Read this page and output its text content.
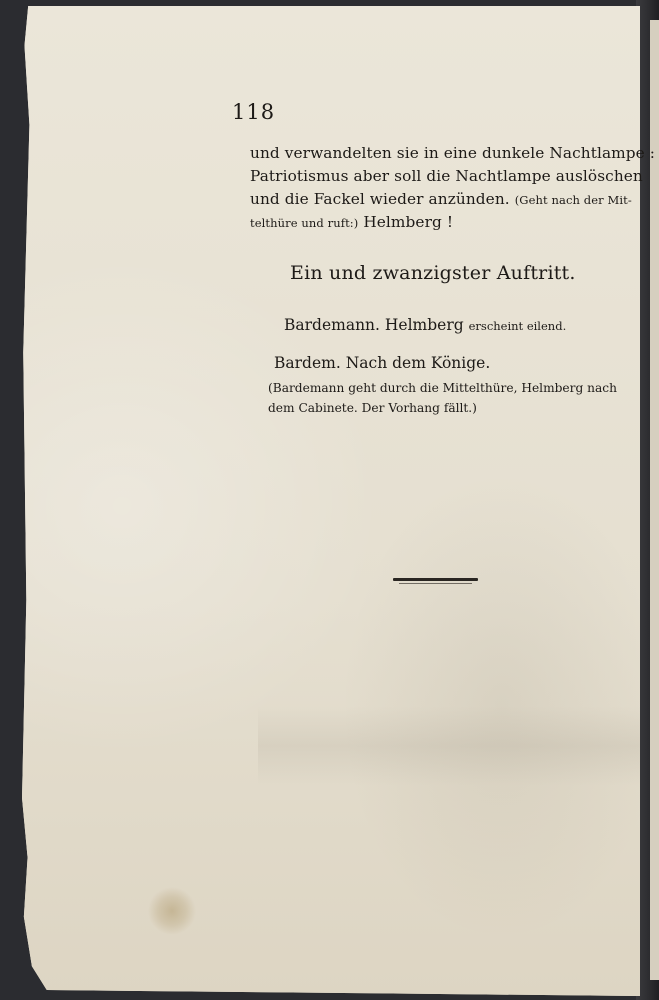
118
und verwandelten sie in eine dunkele Nachtlampe :
Patriotismus aber soll die Nachtlampe auslöschen
und die Fackel wieder anzünden. (Geht nach der Mit-
telthüre und ruft:) Helmberg !
Ein und zwanzigster Auftritt.
Bardemann. Helmberg erscheint eilend.
Bardem. Nach dem Könige.
(Bardemann geht durch die Mittelthüre, Helmberg nach
dem Cabinete. Der Vorhang fällt.)
